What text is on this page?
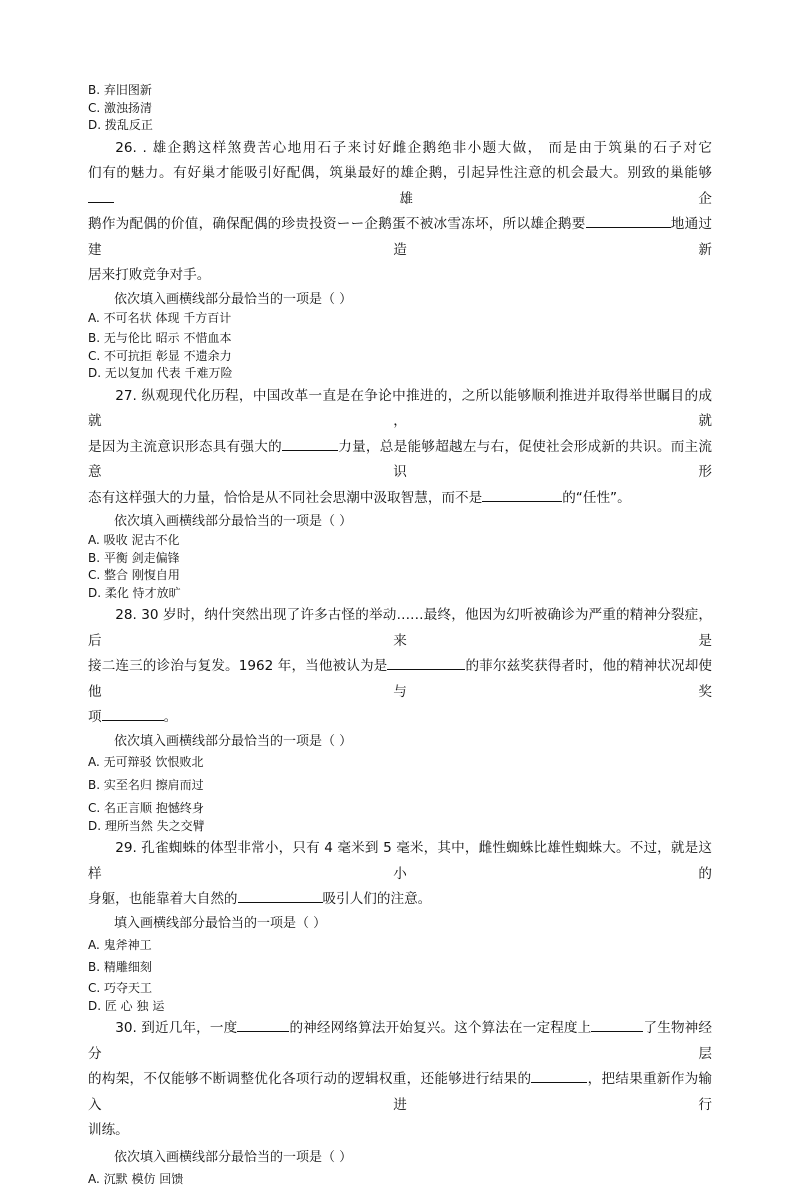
B. 弃旧图新
C. 激浊扬清
D. 拨乱反正
26. . 雄企鹅这样煞费苦心地用石子来讨好雌企鹅绝非小题大做， 而是由于筑巢的石子对它
们有的魅力。有好巢才能吸引好配偶，筑巢最好的雄企鹅，引起异性注意的机会最大。别致的巢能够雄企
鹅作为配偶的价值，确保配偶的珍贵投资ーー企鹅蛋不被冰雪冻坏，所以雄企鹅要	地通过建造新
居来打败竞争对手。
依次填入画横线部分最恰当的一项是（ ）
A. 不可名状 体现 千方百计
B. 无与伦比 昭示 不惜血本
C. 不可抗拒 彰显 不遗余力
D. 无以复加 代表 千难万险
27. 纵观现代化历程，中国改革一直是在争论中推进的，之所以能够顺利推进并取得举世瞩目的成就，就
是因为主流意识形态具有强大的	力量，总是能够超越左与右，促使社会形成新的共识。而主流意识形
态有这样强大的力量，恰恰是从不同社会思潮中汲取智慧，而不是	的“任性”。
依次填入画横线部分最恰当的一项是（ ）
A. 吸收 泥古不化
B. 平衡 剑走偏锋
C. 整合 刚愎自用
D. 柔化 恃才放旷
28. 30 岁时，纳什突然出现了许多古怪的举动……最终，他因为幻听被确诊为严重的精神分裂症，后来是
接二连三的诊治与复发。1962 年，当他被认为是	的菲尔兹奖获得者时，他的精神状况却使他与奖
项	。
依次填入画横线部分最恰当的一项是（ ）
A. 无可辩驳 饮恨败北
B. 实至名归 擦肩而过
C. 名正言顺 抱憾终身
D. 理所当然 失之交臂
29. 孔雀蜘蛛的体型非常小，只有 4 毫米到 5 毫米，其中，雌性蜘蛛比雄性蜘蛛大。不过，就是这样小的
身躯，也能靠着大自然的	吸引人们的注意。
填入画横线部分最恰当的一项是（ ）
A. 鬼斧神工
B. 精雕细刻
C. 巧夺天工
D. 匠 心 独 运
30. 到近几年，一度	的神经网络算法开始复兴。这个算法在一定程度上	了生物神经分层
的构架，不仅能够不断调整优化各项行动的逻辑权重，还能够进行结果的	，把结果重新作为输入进行
训练。
依次填入画横线部分最恰当的一项是（ ）
A. 沉默 模仿 回馈
